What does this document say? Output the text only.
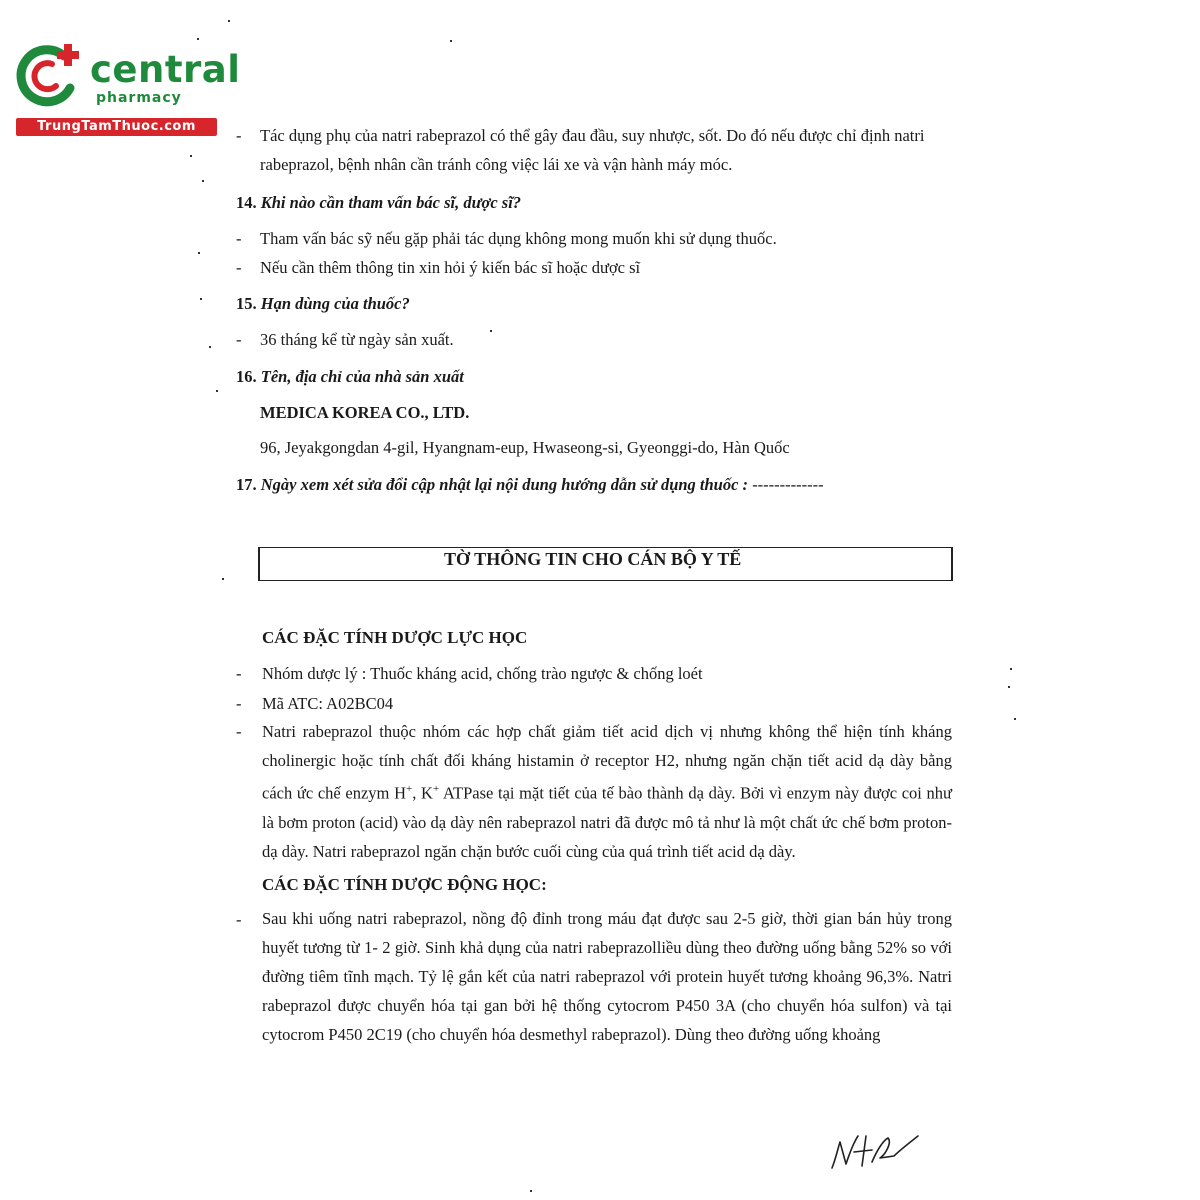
central
pharmacy
TrungTamThuoc.com	- Tác dụng phụ của natri rabeprazol có thể gây đau đầu, suy nhược, sốt. Do đó nếu được chỉ định natri
rabeprazol, bệnh nhân cần tránh công việc lái xe và vận hành máy móc.
14. Khi nào cần tham vấn bác sĩ, dược sĩ?
- Tham vấn bác sỹ nếu gặp phải tác dụng không mong muốn khi sử dụng thuốc.
- Nếu cần thêm thông tin xin hỏi ý kiến bác sĩ hoặc dược sĩ
15. Hạn dùng của thuốc?
- 36 tháng kể từ ngày sản xuất.
16. Tên, địa chỉ của nhà sản xuất
MEDICA KOREA CO., LTD.
96, Jeyakgongdan 4-gil, Hyangnam-eup, Hwaseong-si, Gyeonggi-do, Hàn Quốc
17. Ngày xem xét sửa đổi cập nhật lại nội dung hướng dẫn sử dụng thuốc : -------------
TỜ THÔNG TIN CHO CÁN BỘ Y TẾ
CÁC ĐẶC TÍNH DƯỢC LỰC HỌC
- Nhóm dược lý : Thuốc kháng acid, chống trào ngược & chống loét
- Mã ATC: A02BC04
- Natri rabeprazol thuộc nhóm các hợp chất giảm tiết acid dịch vị nhưng không thể hiện tính kháng cholinergic hoặc tính chất đối kháng histamin ở receptor H2, nhưng ngăn chặn tiết acid dạ dày bằng cách ức chế enzym H+, K+ ATPase tại mặt tiết của tế bào thành dạ dày. Bởi vì enzym này được coi như là bơm proton (acid) vào dạ dày nên rabeprazol natri đã được mô tả như là một chất ức chế bơm proton-dạ dày. Natri rabeprazol ngăn chặn bước cuối cùng của quá trình tiết acid dạ dày.
CÁC ĐẶC TÍNH DƯỢC ĐỘNG HỌC:
- Sau khi uống natri rabeprazol, nồng độ đỉnh trong máu đạt được sau 2-5 giờ, thời gian bán hủy trong huyết tương từ 1- 2 giờ. Sinh khả dụng của natri rabeprazolliều dùng theo đường uống bằng 52% so với đường tiêm tĩnh mạch. Tỷ lệ gắn kết của natri rabeprazol với protein huyết tương khoảng 96,3%. Natri rabeprazol được chuyển hóa tại gan bởi hệ thống cytocrom P450 3A (cho chuyển hóa sulfon) và tại cytocrom P450 2C19 (cho chuyển hóa desmethyl rabeprazol). Dùng theo đường uống khoảng
